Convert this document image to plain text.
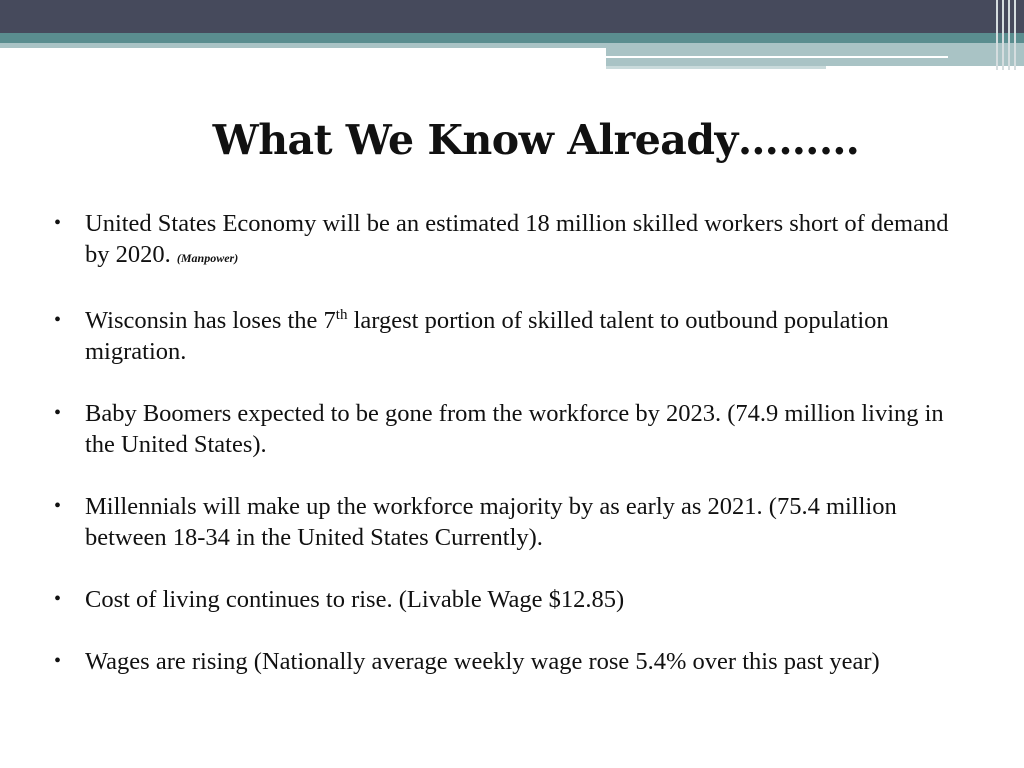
What We Know Already………
• United States Economy will be an estimated 18 million skilled workers short of demand by 2020. (Manpower)
• Wisconsin has loses the 7th largest portion of skilled talent to outbound population migration.
• Baby Boomers expected to be gone from the workforce by 2023. (74.9 million living in the United States).
• Millennials will make up the workforce majority by as early as 2021. (75.4 million between 18-34 in the United States Currently).
• Cost of living continues to rise. (Livable Wage $12.85)
• Wages are rising (Nationally average weekly wage rose 5.4% over this past year)
